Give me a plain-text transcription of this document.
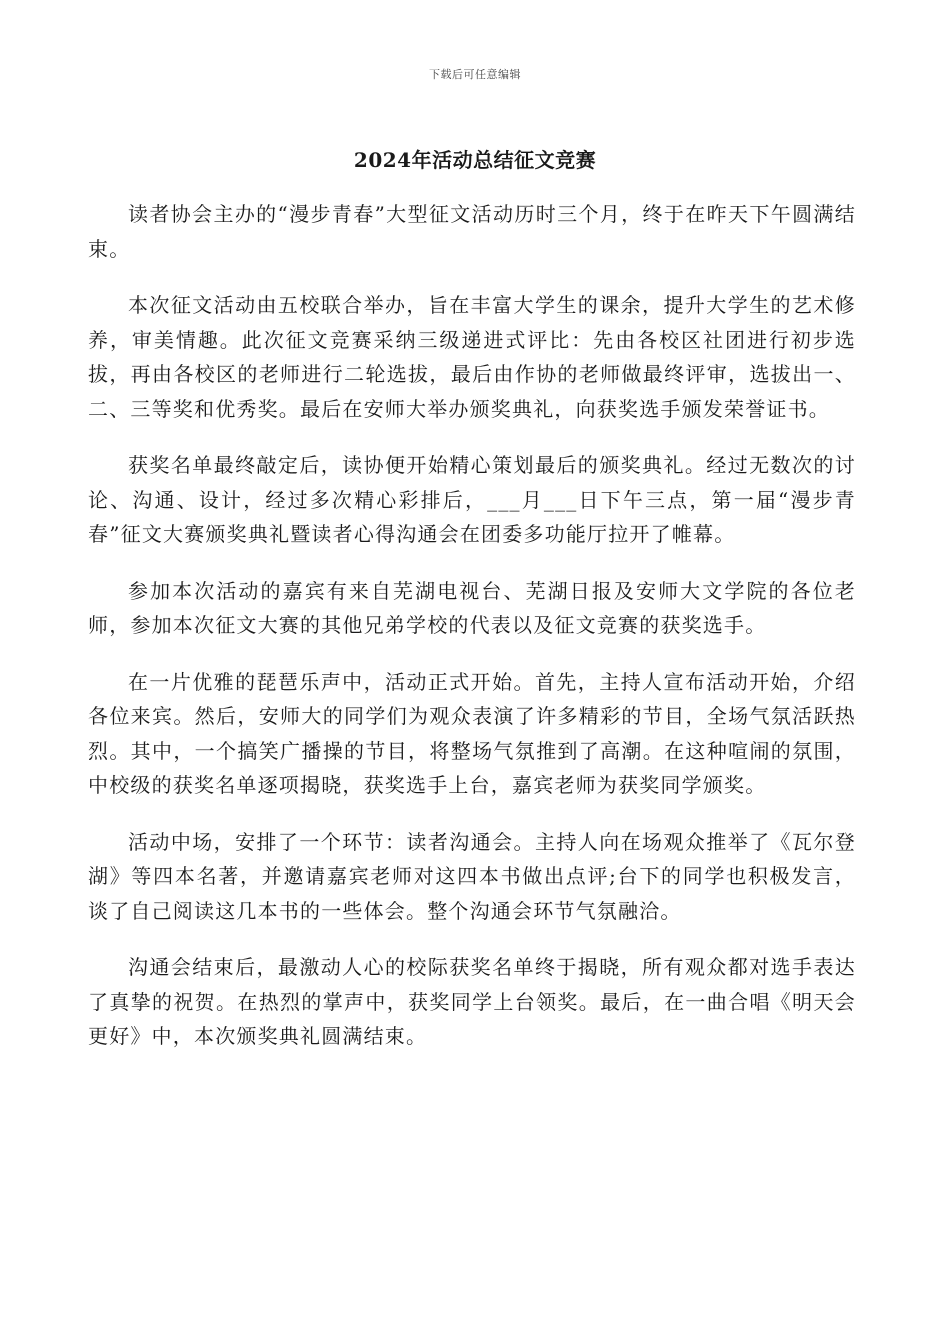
下载后可任意编辑
2024年活动总结征文竞赛

读者协会主办的“漫步青春”大型征文活动历时三个月，终于在昨天下午圆满结束。

本次征文活动由五校联合举办，旨在丰富大学生的课余，提升大学生的艺术修养，审美情趣。此次征文竞赛采纳三级递进式评比：先由各校区社团进行初步选拔，再由各校区的老师进行二轮选拔，最后由作协的老师做最终评审，选拔出一、二、三等奖和优秀奖。最后在安师大举办颁奖典礼，向获奖选手颁发荣誉证书。

获奖名单最终敲定后，读协便开始精心策划最后的颁奖典礼。经过无数次的讨论、沟通、设计，经过多次精心彩排后，___月___日下午三点，第一届“漫步青春”征文大赛颁奖典礼暨读者心得沟通会在团委多功能厅拉开了帷幕。

参加本次活动的嘉宾有来自芜湖电视台、芜湖日报及安师大文学院的各位老师，参加本次征文大赛的其他兄弟学校的代表以及征文竞赛的获奖选手。

在一片优雅的琵琶乐声中，活动正式开始。首先，主持人宣布活动开始，介绍各位来宾。然后，安师大的同学们为观众表演了许多精彩的节目，全场气氛活跃热烈。其中，一个搞笑广播操的节目，将整场气氛推到了高潮。在这种喧闹的氛围，中校级的获奖名单逐项揭晓，获奖选手上台，嘉宾老师为获奖同学颁奖。

活动中场，安排了一个环节：读者沟通会。主持人向在场观众推举了《瓦尔登湖》等四本名著，并邀请嘉宾老师对这四本书做出点评;台下的同学也积极发言，谈了自己阅读这几本书的一些体会。整个沟通会环节气氛融洽。

沟通会结束后，最激动人心的校际获奖名单终于揭晓，所有观众都对选手表达了真挚的祝贺。在热烈的掌声中，获奖同学上台领奖。最后，在一曲合唱《明天会更好》中，本次颁奖典礼圆满结束。
